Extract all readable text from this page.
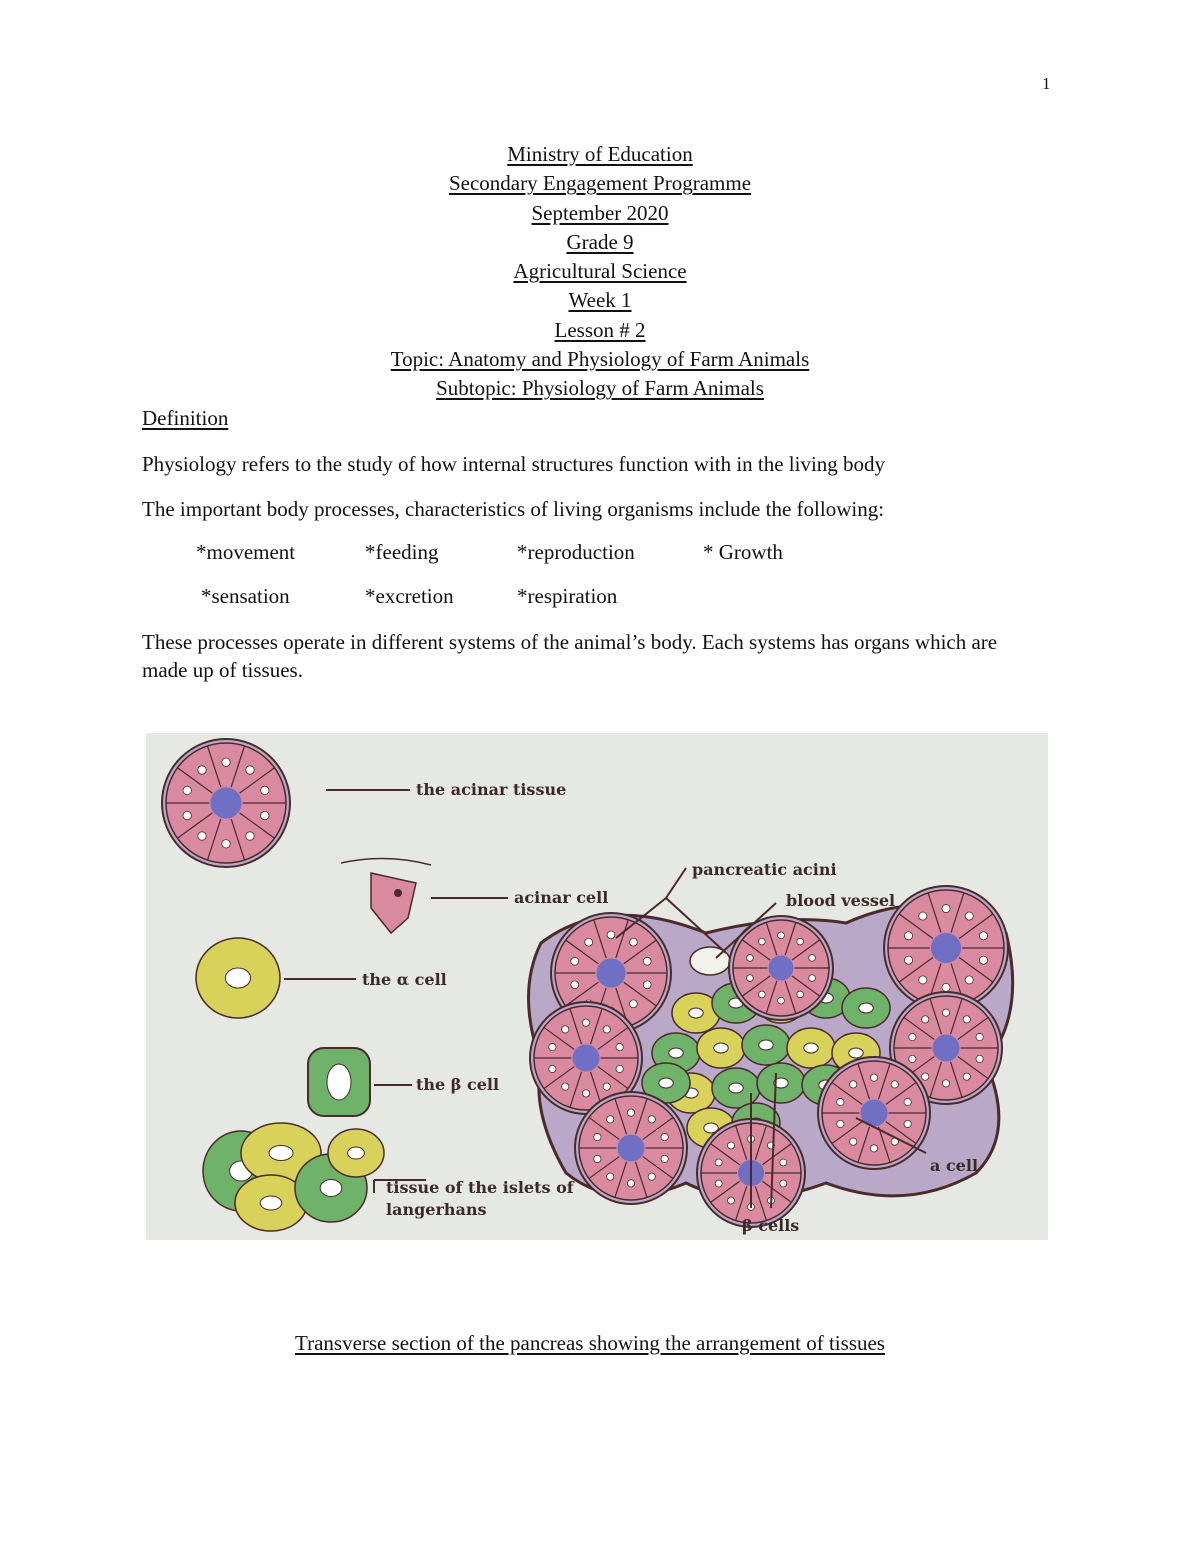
1
Ministry of Education
Secondary Engagement Programme
September 2020
Grade 9
Agricultural Science
Week 1
Lesson # 2
Topic: Anatomy and Physiology of Farm Animals
Subtopic: Physiology of Farm Animals
Definition
Physiology refers to the study of how internal structures function with in the living body
The important body processes, characteristics of living organisms include the following:
*movement	*feeding	*reproduction	* Growth
*sensation	*excretion	*respiration
These processes operate in different systems of the animal’s body. Each systems has organs which are made up of tissues.
the acinar tissue
acinar cell
the α cell
the β cell
tissue of the islets of
langerhans
pancreatic acini
blood vessel
a cell
β cells
Transverse section of the pancreas showing the arrangement of tissues
